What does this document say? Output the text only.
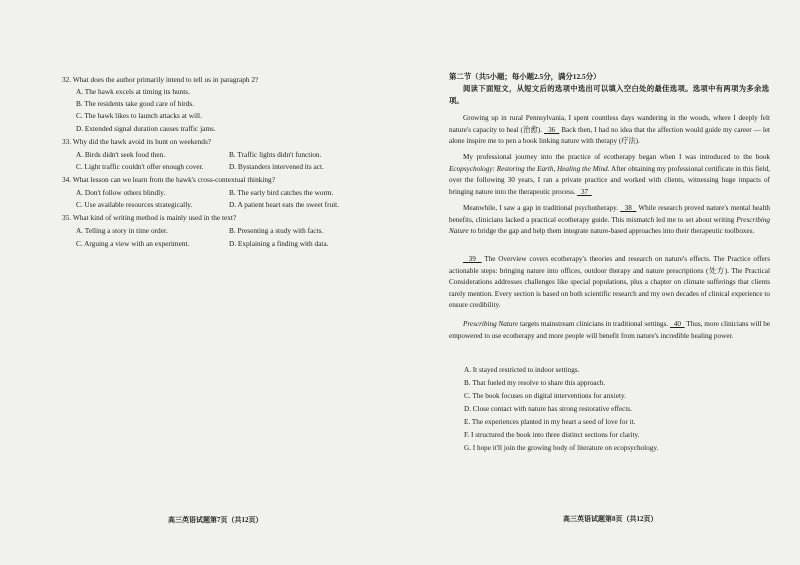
32. What does the author primarily intend to tell us in paragraph 2?
A. The hawk excels at timing its hunts.
B. The residents take good care of birds.
C. The hawk likes to launch attacks at will.
D. Extended signal duration causes traffic jams.
33. Why did the hawk avoid its hunt on weekends?
A. Birds didn't seek food then.	B. Traffic lights didn't function.
C. Light traffic couldn't offer enough cover.	D. Bystanders intervened its act.
34. What lesson can we learn from the hawk's cross-contextual thinking?
A. Don't follow others blindly.	B. The early bird catches the worm.
C. Use available resources strategically.	D. A patient heart eats the sweet fruit.
35. What kind of writing method is mainly used in the text?
A. Telling a story in time order.	B. Presenting a study with facts.
C. Arguing a view with an experiment.	D. Explaining a finding with data.
高三英语试题第7页（共12页）
第二节（共5小题；每小题2.5分，满分12.5分）
阅读下面短文，从短文后的选项中选出可以填入空白处的最佳选项。选项中有两项为多余选项。
Growing up in rural Pennsylvania, I spent countless days wandering in the woods, where I deeply felt nature's capacity to heal (治愈). 36 Back then, I had no idea that the affection would guide my career — let alone inspire me to pen a book linking nature with therapy (疗法).
My professional journey into the practice of ecotherapy began when I was introduced to the book Ecopsychology: Restoring the Earth, Healing the Mind. After obtaining my professional certificate in this field, over the following 30 years, I ran a private practice and worked with clients, witnessing huge impacts of bringing nature into the therapeutic process. 37
Meanwhile, I saw a gap in traditional psychotherapy. 38 While research proved nature's mental health benefits, clinicians lacked a practical ecotherapy guide. This mismatch led me to set about writing Prescribing Nature to bridge the gap and help them integrate nature-based approaches into their therapeutic toolboxes.
39 The Overview covers ecotherapy's theories and research on nature's effects. The Practice offers actionable steps: bringing nature into offices, outdoor therapy and nature prescriptions (处方). The Practical Considerations addresses challenges like special populations, plus a chapter on climate sufferings that clients rarely mention. Every section is based on both scientific research and my own decades of clinical experience to ensure credibility.
Prescribing Nature targets mainstream clinicians in traditional settings. 40 Thus, more clinicians will be empowered to use ecotherapy and more people will benefit from nature's incredible healing power.
A. It stayed restricted to indoor settings.
B. That fueled my resolve to share this approach.
C. The book focuses on digital interventions for anxiety.
D. Close contact with nature has strong restorative effects.
E. The experiences planted in my heart a seed of love for it.
F. I structured the book into three distinct sections for clarity.
G. I hope it'll join the growing body of literature on ecopsychology.
高三英语试题第8页（共12页）
